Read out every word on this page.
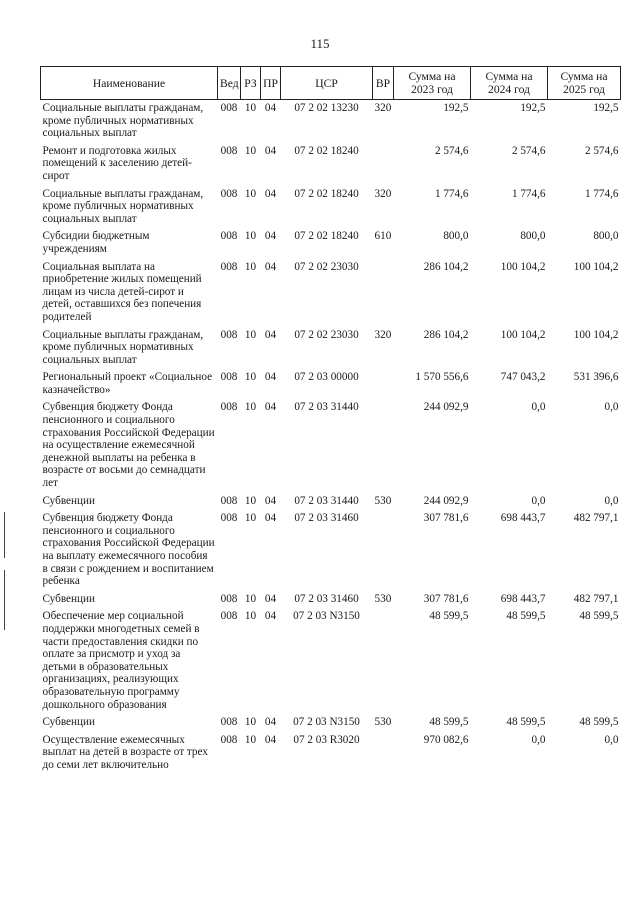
115
Наименование	Вед	РЗ	ПР	ЦСР	ВР	Сумма на 2023 год	Сумма на 2024 год	Сумма на 2025 год
Социальные выплаты гражданам, кроме публичных нормативных социальных выплат	008	10	04	07 2 02 13230	320	192,5	192,5	192,5
Ремонт и подготовка жилых помещений к заселению детей-сирот	008	10	04	07 2 02 18240		2 574,6	2 574,6	2 574,6
Социальные выплаты гражданам, кроме публичных нормативных социальных выплат	008	10	04	07 2 02 18240	320	1 774,6	1 774,6	1 774,6
Субсидии бюджетным учреждениям	008	10	04	07 2 02 18240	610	800,0	800,0	800,0
Социальная выплата на приобретение жилых помещений лицам из числа детей-сирот и детей, оставшихся без попечения родителей	008	10	04	07 2 02 23030		286 104,2	100 104,2	100 104,2
Социальные выплаты гражданам, кроме публичных нормативных социальных выплат	008	10	04	07 2 02 23030	320	286 104,2	100 104,2	100 104,2
Региональный проект «Социальное казначейство»	008	10	04	07 2 03 00000		1 570 556,6	747 043,2	531 396,6
Субвенция бюджету Фонда пенсионного и социального страхования Российской Федерации на осуществление ежемесячной денежной выплаты на ребенка в возрасте от восьми до семнадцати лет	008	10	04	07 2 03 31440		244 092,9	0,0	0,0
Субвенции	008	10	04	07 2 03 31440	530	244 092,9	0,0	0,0
Субвенция бюджету Фонда пенсионного и социального страхования Российской Федерации на выплату ежемесячного пособия в связи с рождением и воспитанием ребенка	008	10	04	07 2 03 31460		307 781,6	698 443,7	482 797,1
Субвенции	008	10	04	07 2 03 31460	530	307 781,6	698 443,7	482 797,1
Обеспечение мер социальной поддержки многодетных семей в части предоставления скидки по оплате за присмотр и уход за детьми в образовательных организациях, реализующих образовательную программу дошкольного образования	008	10	04	07 2 03 N3150		48 599,5	48 599,5	48 599,5
Субвенции	008	10	04	07 2 03 N3150	530	48 599,5	48 599,5	48 599,5
Осуществление ежемесячных выплат на детей в возрасте от трех до семи лет включительно	008	10	04	07 2 03 R3020		970 082,6	0,0	0,0
